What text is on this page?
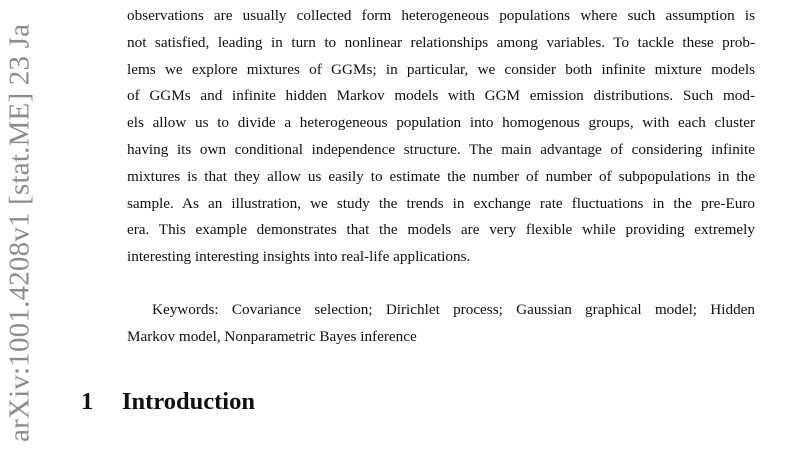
arXiv:1001.4208v1 [stat.ME] 23 Ja

observations are usually collected form heterogeneous populations where such assumption is
not satisfied, leading in turn to nonlinear relationships among variables. To tackle these prob-
lems we explore mixtures of GGMs; in particular, we consider both infinite mixture models
of GGMs and infinite hidden Markov models with GGM emission distributions. Such mod-
els allow us to divide a heterogeneous population into homogenous groups, with each cluster
having its own conditional independence structure. The main advantage of considering infinite
mixtures is that they allow us easily to estimate the number of number of subpopulations in the
sample. As an illustration, we study the trends in exchange rate fluctuations in the pre-Euro
era. This example demonstrates that the models are very flexible while providing extremely
interesting interesting insights into real-life applications.

Keywords: Covariance selection; Dirichlet process; Gaussian graphical model; Hidden
Markov model, Nonparametric Bayes inference

1 Introduction
